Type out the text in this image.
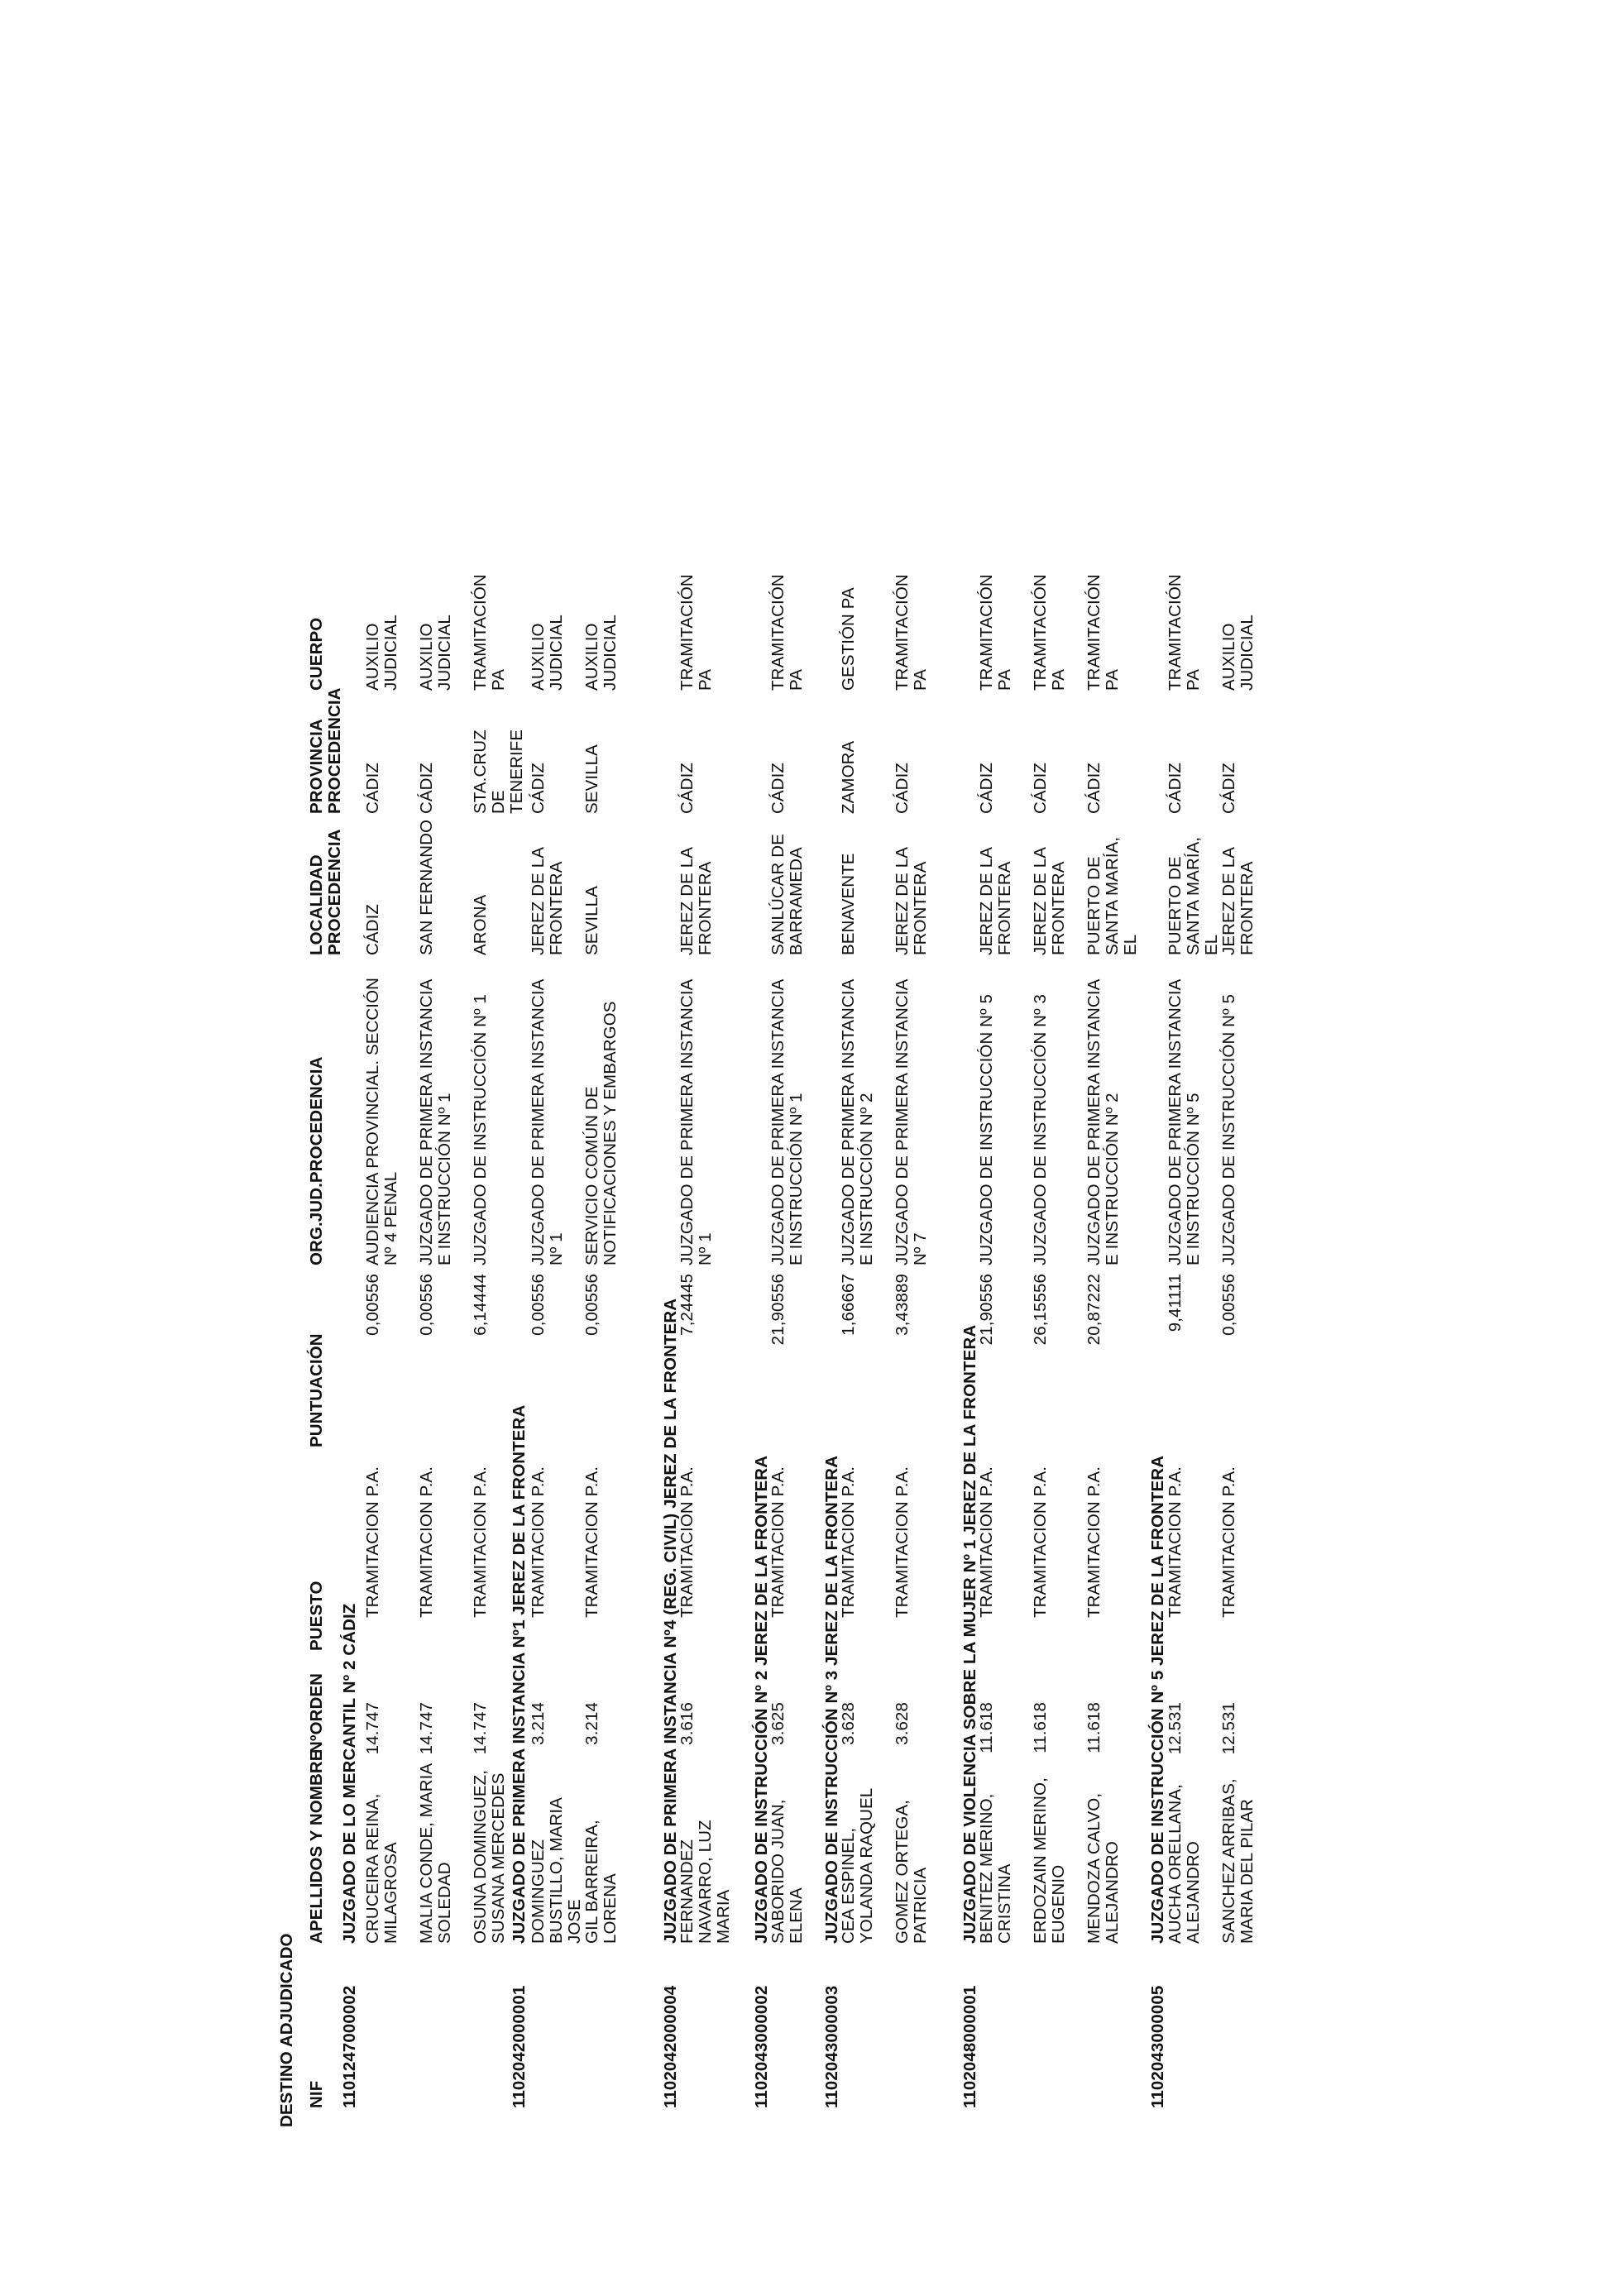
DESTINO ADJUDICADO NIF
APELLIDOS Y NOMBRE
NºORDEN
PUESTO
PUNTUACIÓN
ORG.JUD.PROCEDENCIA
LOCALIDAD PROCEDENCIA
PROVINCIA PROCEDENCIA
CUERPO
1101247000002
JUZGADO DE LO MERCANTIL Nº 2 CÁDIZ CRUCEIRA REINA, MILAGROSA
14.747
TRAMITACION P.A.
0,00556
AUDIENCIA PROVINCIAL. SECCIÓN Nº 4 PENAL
CÁDIZ
CÁDIZ
AUXILIO JUDICIAL
MALIA CONDE, MARIA SOLEDAD
14.747
TRAMITACION P.A.
0,00556
JUZGADO DE PRIMERA INSTANCIA E INSTRUCCIÓN Nº 1
SAN FERNANDO
CÁDIZ
AUXILIO JUDICIAL
OSUNA DOMINGUEZ, SUSANA MERCEDES
14.747
TRAMITACION P.A.
6,14444
JUZGADO DE INSTRUCCIÓN Nº 1
ARONA
STA.CRUZ DE TENERIFE
TRAMITACIÓN PA
1102042000001
JUZGADO DE PRIMERA INSTANCIA Nº1 JEREZ DE LA FRONTERA DOMINGUEZ BUSTILLO, MARIA JOSE
3.214
TRAMITACION P.A.
0,00556
JUZGADO DE PRIMERA INSTANCIA Nº 1
JEREZ DE LA FRONTERA
CÁDIZ
AUXILIO JUDICIAL
GIL BARREIRA, LORENA
3.214
TRAMITACION P.A.
0,00556
SERVICIO COMÚN DE NOTIFICACIONES Y EMBARGOS
SEVILLA
SEVILLA
AUXILIO JUDICIAL
1102042000004
JUZGADO DE PRIMERA INSTANCIA Nº4 (REG. CIVIL) JEREZ DE LA FRONTERA
FERNANDEZ NAVARRO, LUZ MARIA
3.616
TRAMITACION P.A.
7,24445
JUZGADO DE PRIMERA INSTANCIA Nº 1
JEREZ DE LA FRONTERA
CÁDIZ
TRAMITACIÓN PA
1102043000002
JUZGADO DE INSTRUCCIÓN Nº 2 JEREZ DE LA FRONTERA
SABORIDO JUAN, ELENA
3.625
TRAMITACION P.A.
21,90556
JUZGADO DE PRIMERA INSTANCIA E INSTRUCCIÓN Nº 1
SANLÚCAR DE BARRAMEDA
CÁDIZ
TRAMITACIÓN PA
1102043000003
JUZGADO DE INSTRUCCIÓN Nº 3 JEREZ DE LA FRONTERA
CEA ESPINEL, YOLANDA RAQUEL
3.628
TRAMITACION P.A.
1,66667
JUZGADO DE PRIMERA INSTANCIA E INSTRUCCIÓN Nº 2
BENAVENTE
ZAMORA
GESTIÓN PA
GOMEZ ORTEGA, PATRICIA
3.628
TRAMITACION P.A.
3,43889
JUZGADO DE PRIMERA INSTANCIA Nº 7
JEREZ DE LA FRONTERA
CÁDIZ
TRAMITACIÓN PA
1102048000001
JUZGADO DE VIOLENCIA SOBRE LA MUJER Nº 1 JEREZ DE LA FRONTERA
BENITEZ MERINO, CRISTINA
11.618
TRAMITACION P.A.
21,90556
JUZGADO DE INSTRUCCIÓN Nº 5
JEREZ DE LA FRONTERA
CÁDIZ
TRAMITACIÓN PA
ERDOZAIN MERINO, EUGENIO
11.618
TRAMITACION P.A.
26,15556
JUZGADO DE INSTRUCCIÓN Nº 3
JEREZ DE LA FRONTERA
CÁDIZ
TRAMITACIÓN PA
MENDOZA CALVO, ALEJANDRO
11.618
TRAMITACION P.A.
20,87222
JUZGADO DE PRIMERA INSTANCIA E INSTRUCCIÓN Nº 2
PUERTO DE SANTA MARÍA, EL
CÁDIZ
TRAMITACIÓN PA
1102043000005
JUZGADO DE INSTRUCCIÓN Nº 5 JEREZ DE LA FRONTERA
AUCHA ORELLANA, ALEJANDRO
12.531
TRAMITACION P.A.
9,41111
JUZGADO DE PRIMERA INSTANCIA E INSTRUCCIÓN Nº 5
PUERTO DE SANTA MARÍA, EL
CÁDIZ
TRAMITACIÓN PA
SANCHEZ ARRIBAS, MARIA DEL PILAR
12.531
TRAMITACION P.A.
0,00556
JUZGADO DE INSTRUCCIÓN Nº 5
JEREZ DE LA FRONTERA
CÁDIZ
AUXILIO JUDICIAL
